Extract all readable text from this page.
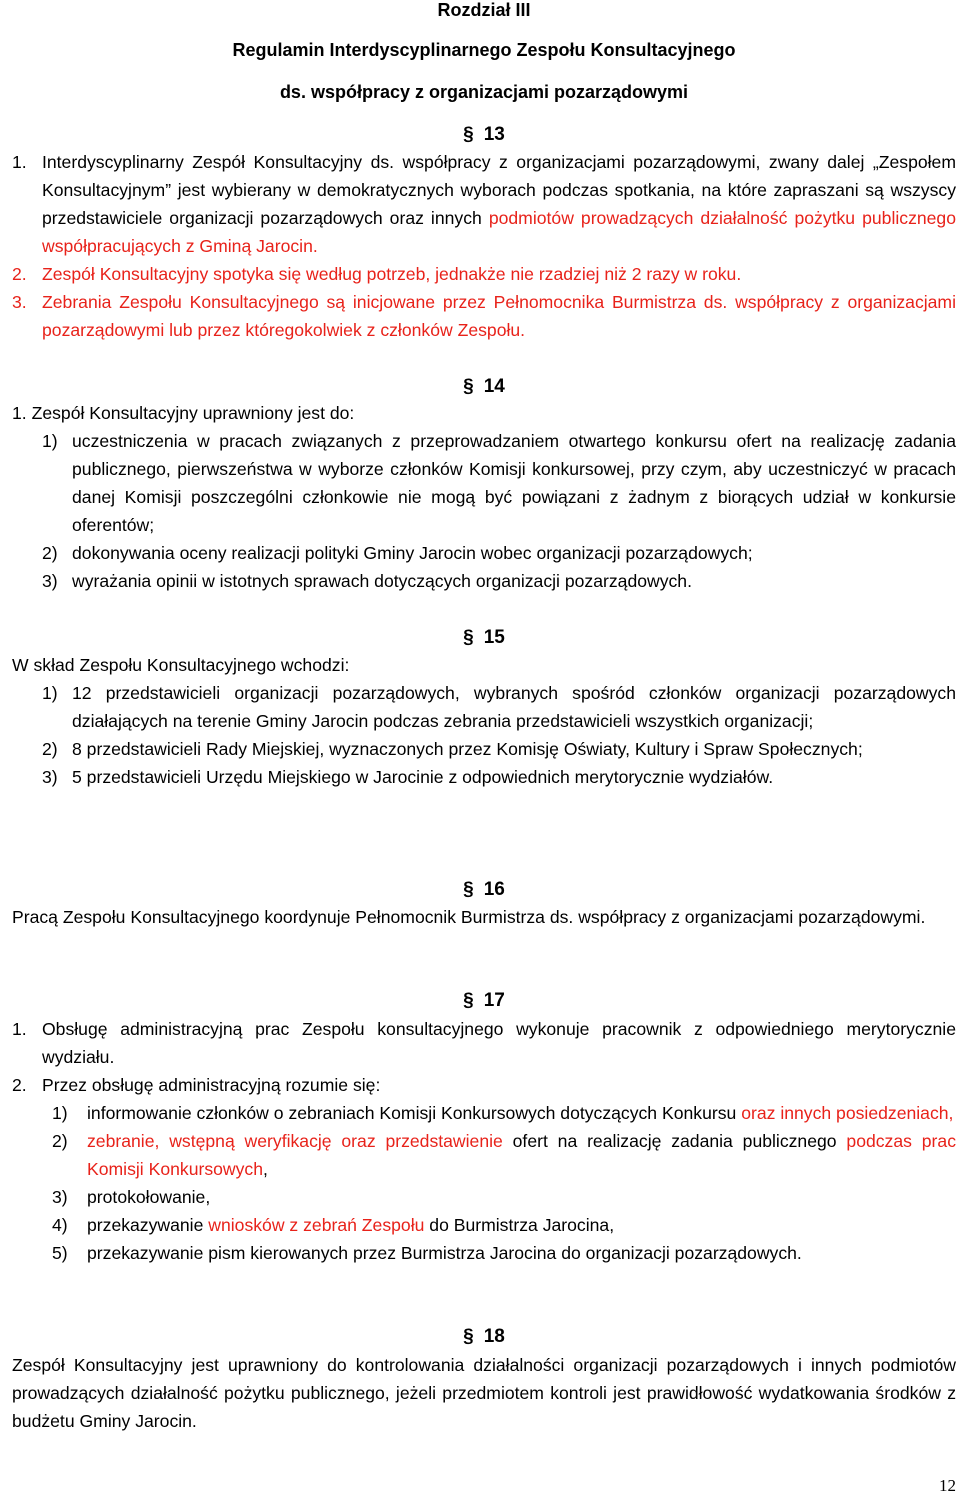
Rozdział III
Regulamin Interdyscyplinarnego Zespołu Konsultacyjnego
ds. współpracy z organizacjami pozarządowymi
§ 13
1. Interdyscyplinarny Zespół Konsultacyjny ds. współpracy z organizacjami pozarządowymi, zwany dalej „Zespołem Konsultacyjnym” jest wybierany w demokratycznych wyborach podczas spotkania, na które zapraszani są wszyscy przedstawiciele organizacji pozarządowych oraz innych podmiotów prowadzących działalność pożytku publicznego współpracujących z Gminą Jarocin.
2. Zespół Konsultacyjny spotyka się według potrzeb, jednakże nie rzadziej niż 2 razy w roku.
3. Zebrania Zespołu Konsultacyjnego są inicjowane przez Pełnomocnika Burmistrza ds. współpracy z organizacjami pozarządowymi lub przez któregokolwiek z członków Zespołu.
§ 14
1. Zespół Konsultacyjny uprawniony jest do:
1) uczestniczenia w pracach związanych z przeprowadzaniem otwartego konkursu ofert na realizację zadania publicznego, pierwszeństwa w wyborze członków Komisji konkursowej, przy czym, aby uczestniczyć w pracach danej Komisji poszczególni członkowie nie mogą być powiązani z żadnym z biorących udział w konkursie oferentów;
2) dokonywania oceny realizacji polityki Gminy Jarocin wobec organizacji pozarządowych;
3) wyrażania opinii w istotnych sprawach dotyczących organizacji pozarządowych.
§ 15
W skład Zespołu Konsultacyjnego wchodzi:
1) 12 przedstawicieli organizacji pozarządowych, wybranych spośród członków organizacji pozarządowych działających na terenie Gminy Jarocin podczas zebrania przedstawicieli wszystkich organizacji;
2) 8 przedstawicieli Rady Miejskiej, wyznaczonych przez Komisję Oświaty, Kultury i Spraw Społecznych;
3) 5 przedstawicieli Urzędu Miejskiego w Jarocinie z odpowiednich merytorycznie wydziałów.
§ 16
Pracą Zespołu Konsultacyjnego koordynuje Pełnomocnik Burmistrza ds. współpracy z organizacjami pozarządowymi.
§ 17
1. Obsługę administracyjną prac Zespołu konsultacyjnego wykonuje pracownik z odpowiedniego merytorycznie wydziału.
2. Przez obsługę administracyjną rozumie się:
1) informowanie członków o zebraniach Komisji Konkursowych dotyczących Konkursu oraz innych posiedzeniach,
2) zebranie, wstępną weryfikację oraz przedstawienie ofert na realizację zadania publicznego podczas prac Komisji Konkursowych,
3) protokołowanie,
4) przekazywanie wniosków z zebrań Zespołu do Burmistrza Jarocina,
5) przekazywanie pism kierowanych przez Burmistrza Jarocina do organizacji pozarządowych.
§ 18
Zespół Konsultacyjny jest uprawniony do kontrolowania działalności organizacji pozarządowych i innych podmiotów prowadzących działalność pożytku publicznego, jeżeli przedmiotem kontroli jest prawidłowość wydatkowania środków z budżetu Gminy Jarocin.
12
